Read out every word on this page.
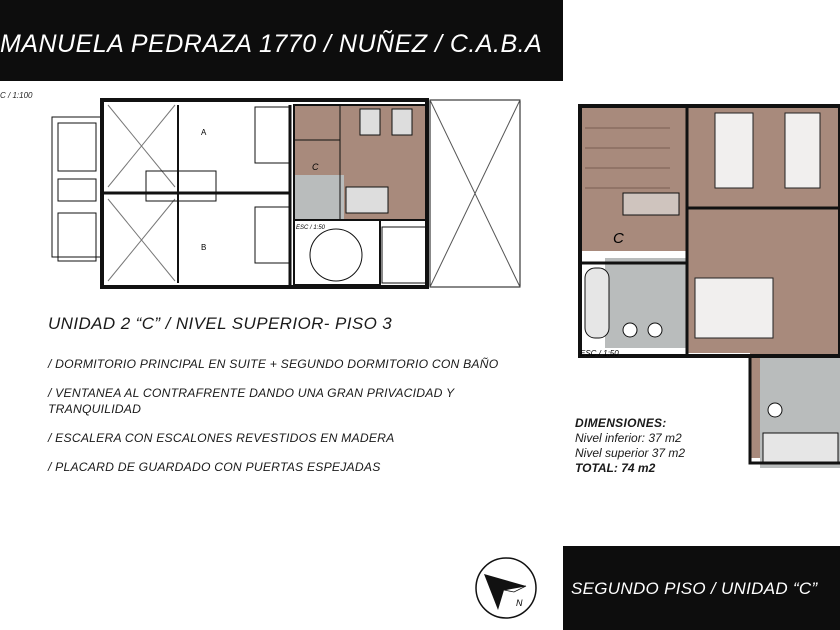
MANUELA PEDRAZA 1770 / NUÑEZ / C.A.B.A
C / 1:100
A
B
C
ESC / 1:50
C
ESC / 1:50
UNIDAD 2 “C” / NIVEL SUPERIOR- PISO 3
/ DORMITORIO PRINCIPAL EN SUITE + SEGUNDO DORMITORIO CON BAÑO
/ VENTANEA AL CONTRAFRENTE DANDO UNA GRAN PRIVACIDAD Y TRANQUILIDAD
/ ESCALERA CON ESCALONES REVESTIDOS EN MADERA
/ PLACARD DE GUARDADO CON PUERTAS ESPEJADAS
DIMENSIONES:
Nivel inferior: 37 m2
Nivel superior 37 m2
TOTAL: 74 m2
N
SEGUNDO PISO / UNIDAD “C”
